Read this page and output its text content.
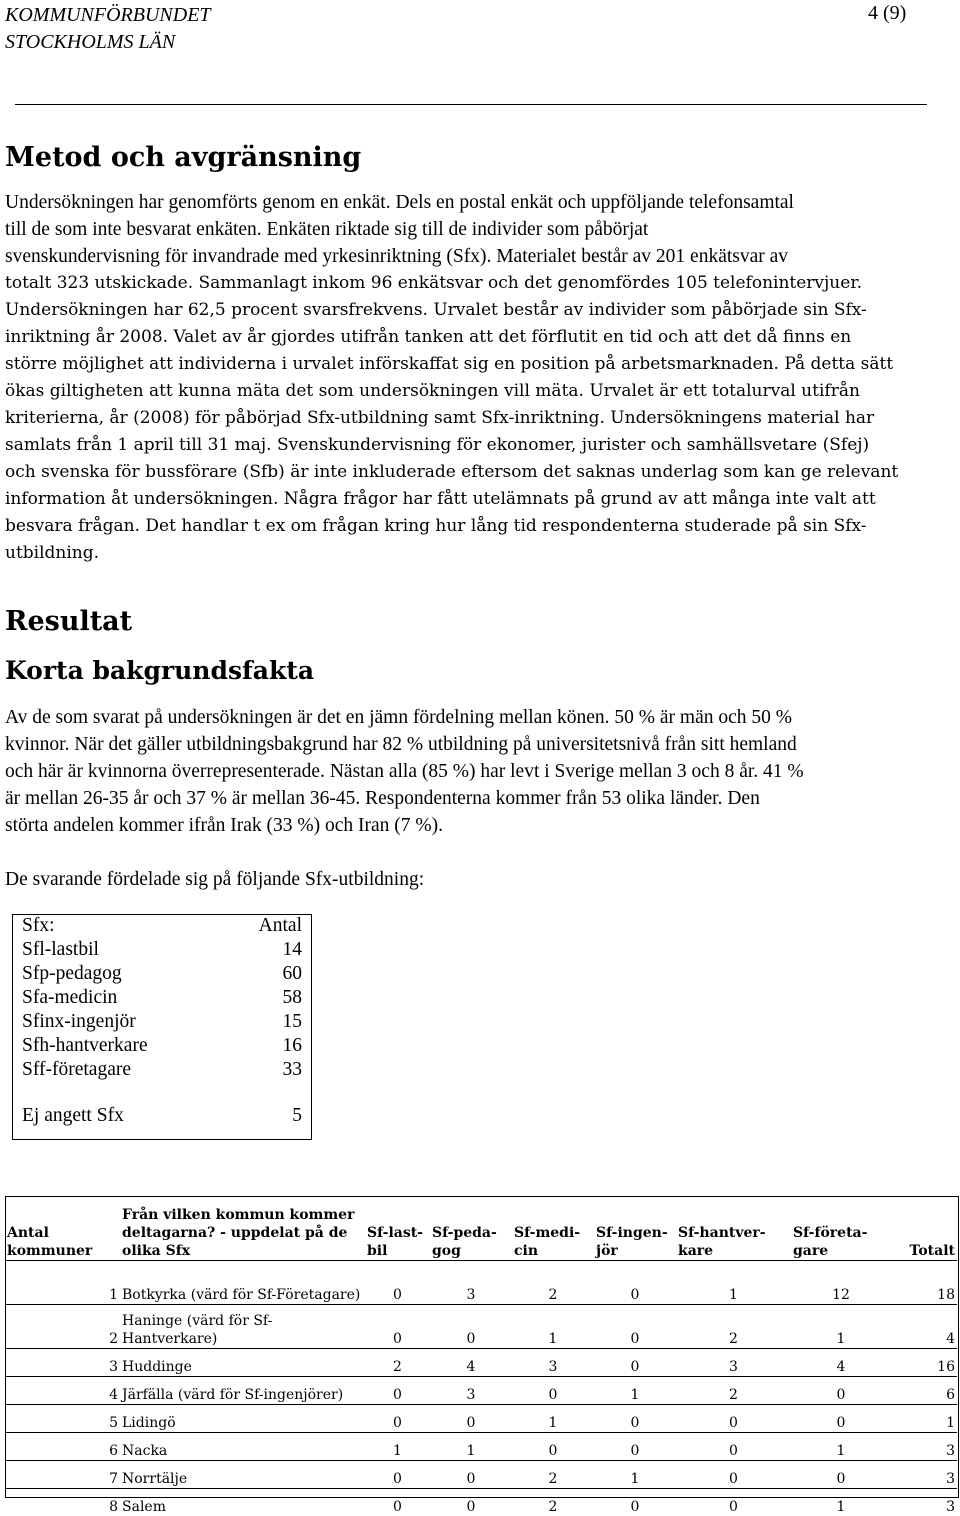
KOMMUNFÖRBUNDET
STOCKHOLMS LÄN
4 (9)
Metod och avgränsning
Undersökningen har genomförts genom en enkät. Dels en postal enkät och uppföljande telefonsamtal
till de som inte besvarat enkäten. Enkäten riktade sig till de individer som påbörjat
svenskundervisning för invandrade med yrkesinriktning (Sfx). Materialet består av 201 enkätsvar av
totalt 323 utskickade. Sammanlagt inkom 96 enkätsvar och det genomfördes 105 telefonintervjuer.
Undersökningen har 62,5 procent svarsfrekvens. Urvalet består av individer som påbörjade sin Sfx-
inriktning år 2008. Valet av år gjordes utifrån tanken att det förflutit en tid och att det då finns en
större möjlighet att individerna i urvalet införskaffat sig en position på arbetsmarknaden. På detta sätt
ökas giltigheten att kunna mäta det som undersökningen vill mäta. Urvalet är ett totalurval utifrån
kriterierna, år (2008) för påbörjad Sfx-utbildning samt Sfx-inriktning. Undersökningens material har
samlats från 1 april till 31 maj. Svenskundervisning för ekonomer, jurister och samhällsvetare (Sfej)
och svenska för bussförare (Sfb) är inte inkluderade eftersom det saknas underlag som kan ge relevant
information åt undersökningen. Några frågor har fått utelämnats på grund av att många inte valt att
besvara frågan. Det handlar t ex om frågan kring hur lång tid respondenterna studerade på sin Sfx-
utbildning.
Resultat
Korta bakgrundsfakta
Av de som svarat på undersökningen är det en jämn fördelning mellan könen. 50 % är män och 50 %
kvinnor. När det gäller utbildningsbakgrund har 82 % utbildning på universitetsnivå från sitt hemland
och här är kvinnorna överrepresenterade. Nästan alla (85 %) har levt i Sverige mellan 3 och 8 år. 41 %
är mellan 26-35 år och 37 % är mellan 36-45. Respondenterna kommer från 53 olika länder. Den
störta andelen kommer ifrån Irak (33 %) och Iran (7 %).
De svarande fördelade sig på följande Sfx-utbildning:
Sfx:	Antal
Sfl-lastbil	14
Sfp-pedagog	60
Sfa-medicin	58
Sfinx-ingenjör	15
Sfh-hantverkare	16
Sff-företagare	33
Ej angett Sfx	5
Antal kommuner	Från vilken kommun kommer deltagarna? - uppdelat på de olika Sfx	Sf-last-bil	Sf-peda-gog	Sf-medi-cin	Sf-ingen-jör	Sf-hantver-kare	Sf-företa-gare	Totalt
1	Botkyrka (värd för Sf-Företagare)	0	3	2	0	1	12	18
2	Haninge (värd för Sf-Hantverkare)	0	0	1	0	2	1	4
3	Huddinge	2	4	3	0	3	4	16
4	Järfälla (värd för Sf-ingenjörer)	0	3	0	1	2	0	6
5	Lidingö	0	0	1	0	0	0	1
6	Nacka	1	1	0	0	0	1	3
7	Norrtälje	0	0	2	1	0	0	3
8	Salem	0	0	2	0	0	1	3
